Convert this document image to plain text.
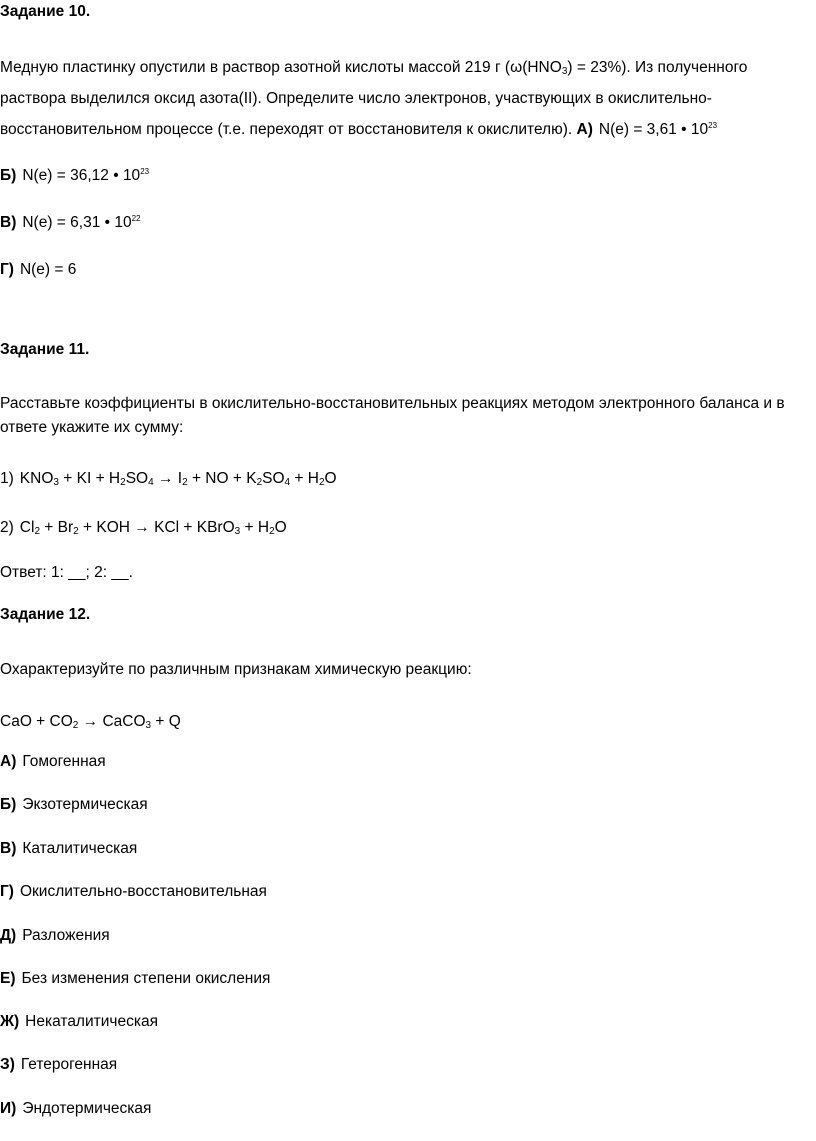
Задание 10.
Медную пластинку опустили в раствор азотной кислоты массой 219 г $(\omega(HNO_3) = 23\%)$. Из полученного
раствора выделился оксид азота(II). Определите число электронов, участвующих в окислительно-
восстановительном процессе (т.е. переходят от восстановителя к окислителю). А) N(e) = 3,61 • $10^{23}$
Б) N(e) = 36,12 • $10^{23}$
В) N(e) = 6,31 • $10^{22}$
Г) N(e) = 6
Задание 11.
Расставьте коэффициенты в окислительно-восстановительных реакциях методом электронного баланса и в
ответе укажите их сумму:
1) $KNO_3$ + KI + $H_2SO_4 \to I_2$ + NO + $K_2SO_4 + H_2O$
2) $Cl_2 + Br_2$ + KOH → KCl + KBrO$_3$ + $H_2O$
Ответ: 1: __; 2: __.
Задание 12.
Охарактеризуйте по различным признакам химическую реакцию:
CaO + $CO_2$ → CaCO$_3$ + Q
А) Гомогенная
Б) Экзотермическая
В) Каталитическая
Г) Окислительно-восстановительная
Д) Разложения
Е) Без изменения степени окисления
Ж) Некаталитическая
З) Гетерогенная
И) Эндотермическая
